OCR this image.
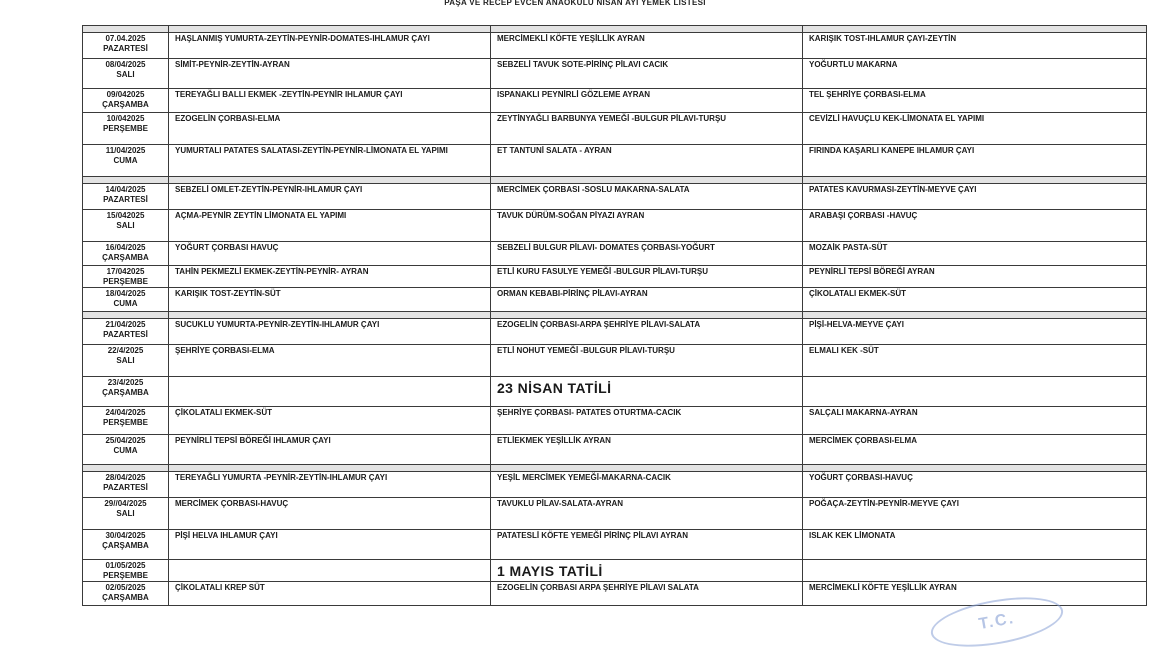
PAŞA VE RECEP EVCEN ANAOKULU NİSAN AYI YEMEK LİSTESİ

07.04.2025
PAZARTESİ	HAŞLANMIŞ YUMURTA-ZEYTİN-PEYNİR-DOMATES-IHLAMUR ÇAYI	MERCİMEKLİ KÖFTE YEŞİLLİK AYRAN	KARIŞIK TOST-IHLAMUR ÇAYI-ZEYTİN

08/04/2025
SALI	SİMİT-PEYNİR-ZEYTİN-AYRAN	SEBZELİ TAVUK SOTE-PİRİNÇ PİLAVI CACIK	YOĞURTLU MAKARNA

09/042025
ÇARŞAMBA	TEREYAĞLI BALLI EKMEK -ZEYTİN-PEYNİR IHLAMUR ÇAYI	ISPANAKLI PEYNİRLİ GÖZLEME AYRAN	TEL ŞEHRİYE ÇORBASI-ELMA

10/042025
PERŞEMBE	EZOGELİN ÇORBASI-ELMA	ZEYTİNYAĞLI BARBUNYA YEMEĞİ -BULGUR PİLAVI-TURŞU	CEVİZLİ HAVUÇLU KEK-LİMONATA EL YAPIMI

11/04/2025
CUMA	YUMURTALI PATATES SALATASI-ZEYTİN-PEYNİR-LİMONATA EL YAPIMI	ET TANTUNİ SALATA - AYRAN	FIRINDA KAŞARLI KANEPE IHLAMUR ÇAYI

14/04/2025
PAZARTESİ	SEBZELİ OMLET-ZEYTİN-PEYNİR-IHLAMUR ÇAYI	MERCİMEK ÇORBASI -SOSLU MAKARNA-SALATA	PATATES KAVURMASI-ZEYTİN-MEYVE ÇAYI

15/042025
SALI	AÇMA-PEYNİR ZEYTİN LİMONATA EL YAPIMI	TAVUK DÜRÜM-SOĞAN PİYAZI AYRAN	ARABAŞI ÇORBASI -HAVUÇ

16/04/2025
ÇARŞAMBA	YOĞURT ÇORBASI HAVUÇ	SEBZELİ BULGUR PİLAVI- DOMATES ÇORBASI-YOĞURT	MOZAİK PASTA-SÜT

17/042025
PERŞEMBE	TAHİN PEKMEZLİ EKMEK-ZEYTİN-PEYNİR- AYRAN	ETLİ KURU FASULYE YEMEĞİ -BULGUR PİLAVI-TURŞU	PEYNİRLİ TEPSİ BÖREĞİ AYRAN

18/04/2025
CUMA	KARIŞIK TOST-ZEYTİN-SÜT	ORMAN KEBABI-PİRİNÇ PİLAVI-AYRAN	ÇİKOLATALI EKMEK-SÜT

21/04/2025
PAZARTESİ	SUCUKLU YUMURTA-PEYNİR-ZEYTİN-IHLAMUR ÇAYI	EZOGELİN ÇORBASI-ARPA ŞEHRİYE PİLAVI-SALATA	PİŞİ-HELVA-MEYVE ÇAYI

22/4/2025
SALI	ŞEHRİYE ÇORBASI-ELMA	ETLİ NOHUT YEMEĞİ -BULGUR PİLAVI-TURŞU	ELMALI KEK -SÜT

23/4/2025
ÇARŞAMBA		23 NİSAN TATİLİ	

24/04/2025
PERŞEMBE	ÇİKOLATALI EKMEK-SÜT	ŞEHRİYE ÇORBASI- PATATES OTURTMA-CACIK	SALÇALI MAKARNA-AYRAN

25/04/2025
CUMA	PEYNİRLİ TEPSİ BÖREĞİ IHLAMUR ÇAYI	ETLİEKMEK YEŞİLLİK AYRAN	MERCİMEK ÇORBASI-ELMA

28/04/2025
PAZARTESİ	TEREYAĞLI YUMURTA -PEYNİR-ZEYTİN-IHLAMUR ÇAYI	YEŞİL MERCİMEK YEMEĞİ-MAKARNA-CACIK	YOĞURT ÇORBASI-HAVUÇ

29//04/2025
SALI	MERCİMEK ÇORBASI-HAVUÇ	TAVUKLU PİLAV-SALATA-AYRAN	POĞAÇA-ZEYTİN-PEYNİR-MEYVE ÇAYI

30/04/2025
ÇARŞAMBA	PİŞİ HELVA IHLAMUR ÇAYI	PATATESLİ KÖFTE YEMEĞİ PİRİNÇ PİLAVI AYRAN	ISLAK KEK LİMONATA

01/05/2025
PERŞEMBE		1 MAYIS TATİLİ	

02/05/2025
ÇARŞAMBA	ÇİKOLATALI KREP SÜT	EZOGELİN ÇORBASI ARPA ŞEHRİYE PİLAVI SALATA	MERCİMEKLİ KÖFTE YEŞİLLİK AYRAN
T.C.
